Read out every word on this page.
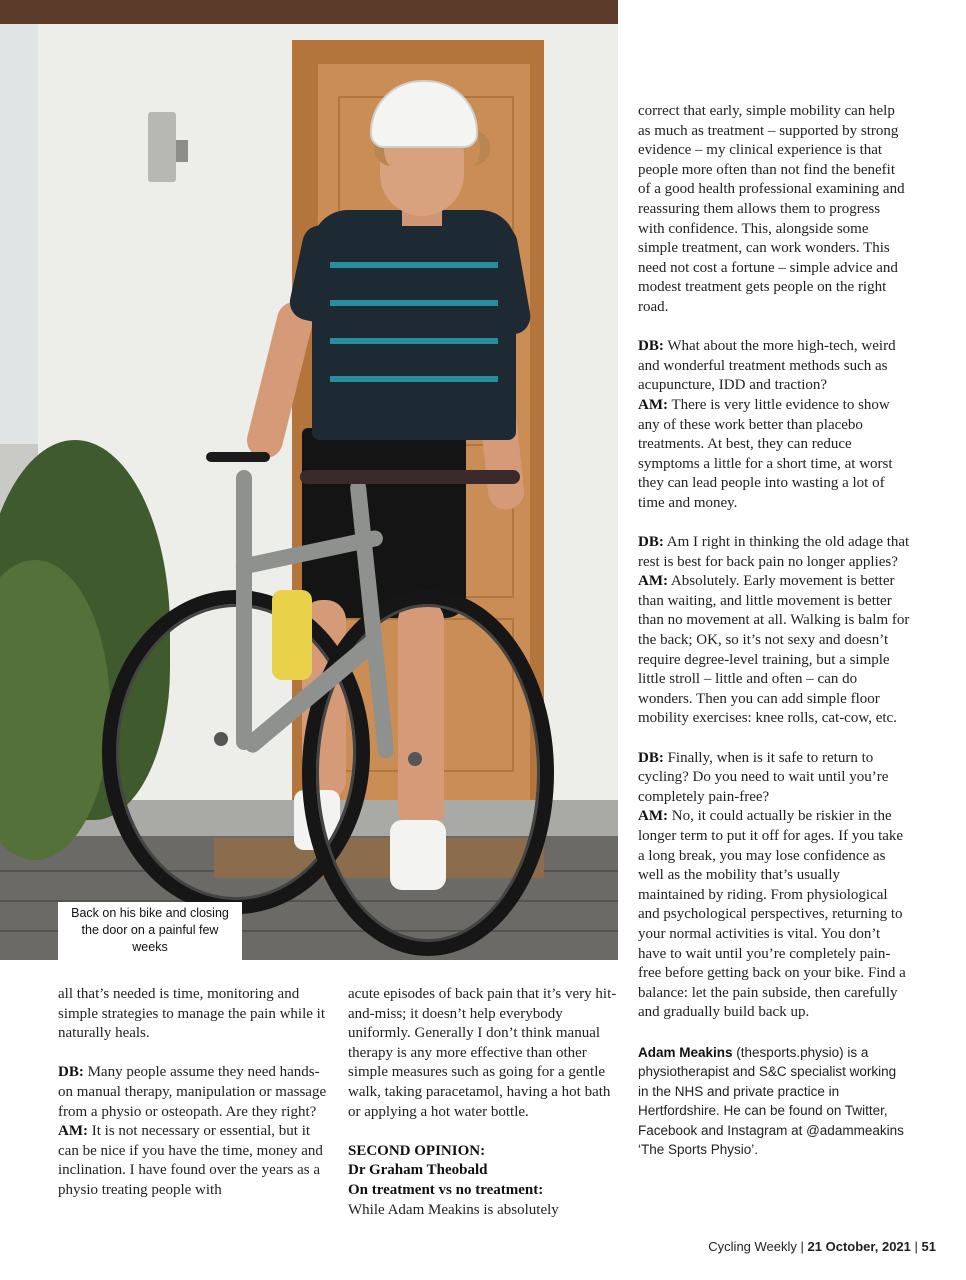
Back on his bike and closing the door on a painful few weeks

correct that early, simple mobility can help as much as treatment – supported by strong evidence – my clinical experience is that people more often than not find the benefit of a good health professional examining and reassuring them allows them to progress with confidence. This, alongside some simple treatment, can work wonders. This need not cost a fortune – simple advice and modest treatment gets people on the right road.

DB: What about the more high-tech, weird and wonderful treatment methods such as acupuncture, IDD and traction?

AM: There is very little evidence to show any of these work better than placebo treatments. At best, they can reduce symptoms a little for a short time, at worst they can lead people into wasting a lot of time and money.

DB: Am I right in thinking the old adage that rest is best for back pain no longer applies?

AM: Absolutely. Early movement is better than waiting, and little movement is better than no movement at all. Walking is balm for the back; OK, so it’s not sexy and doesn’t require degree-level training, but a simple little stroll – little and often – can do wonders. Then you can add simple floor mobility exercises: knee rolls, cat-cow, etc.

DB: Finally, when is it safe to return to cycling? Do you need to wait until you’re completely pain-free?

AM: No, it could actually be riskier in the longer term to put it off for ages. If you take a long break, you may lose confidence as well as the mobility that’s usually maintained by riding. From physiological and psychological perspectives, returning to your normal activities is vital. You don’t have to wait until you’re completely pain-free before getting back on your bike. Find a balance: let the pain subside, then carefully and gradually build back up.

Adam Meakins (thesports.physio) is a physiotherapist and S&C specialist working in the NHS and private practice in Hertfordshire. He can be found on Twitter, Facebook and Instagram at @adammeakins ‘The Sports Physio’.

all that’s needed is time, monitoring and simple strategies to manage the pain while it naturally heals.

DB: Many people assume they need hands-on manual therapy, manipulation or massage from a physio or osteopath. Are they right?

AM: It is not necessary or essential, but it can be nice if you have the time, money and inclination. I have found over the years as a physio treating people with

acute episodes of back pain that it’s very hit-and-miss; it doesn’t help everybody uniformly. Generally I don’t think manual therapy is any more effective than other simple measures such as going for a gentle walk, taking paracetamol, having a hot bath or applying a hot water bottle.

SECOND OPINION:
Dr Graham Theobald
On treatment vs no treatment:

While Adam Meakins is absolutely

Cycling Weekly | 21 October, 2021 | 51
